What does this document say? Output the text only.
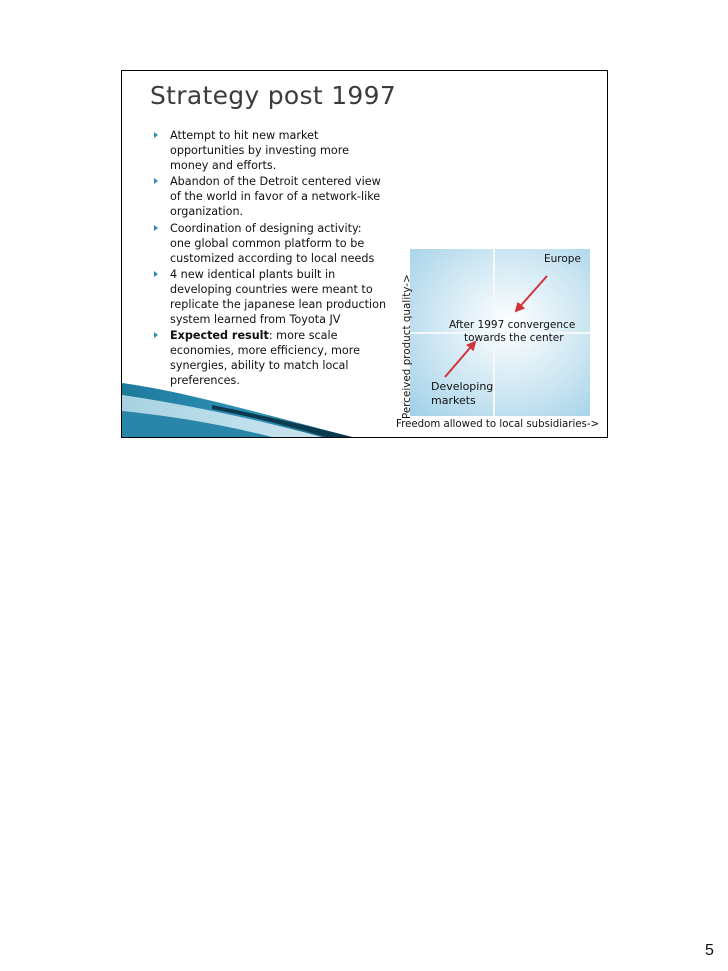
Strategy post 1997
Attempt to hit new market
opportunities by investing more
money and efforts.
Abandon of the Detroit centered view
of the world in favor of a network-like
organization.
Coordination of designing activity:
one global common platform to be
customized according to local needs
4 new identical plants built in
developing countries were meant to
replicate the japanese lean production
system learned from Toyota JV
Expected result: more scale
economies, more efficiency, more
synergies, ability to match local
preferences.
Europe
After 1997 convergence
towards the center
Developing
markets
Perceived product quality->
Freedom allowed to local subsidiaries->
5
